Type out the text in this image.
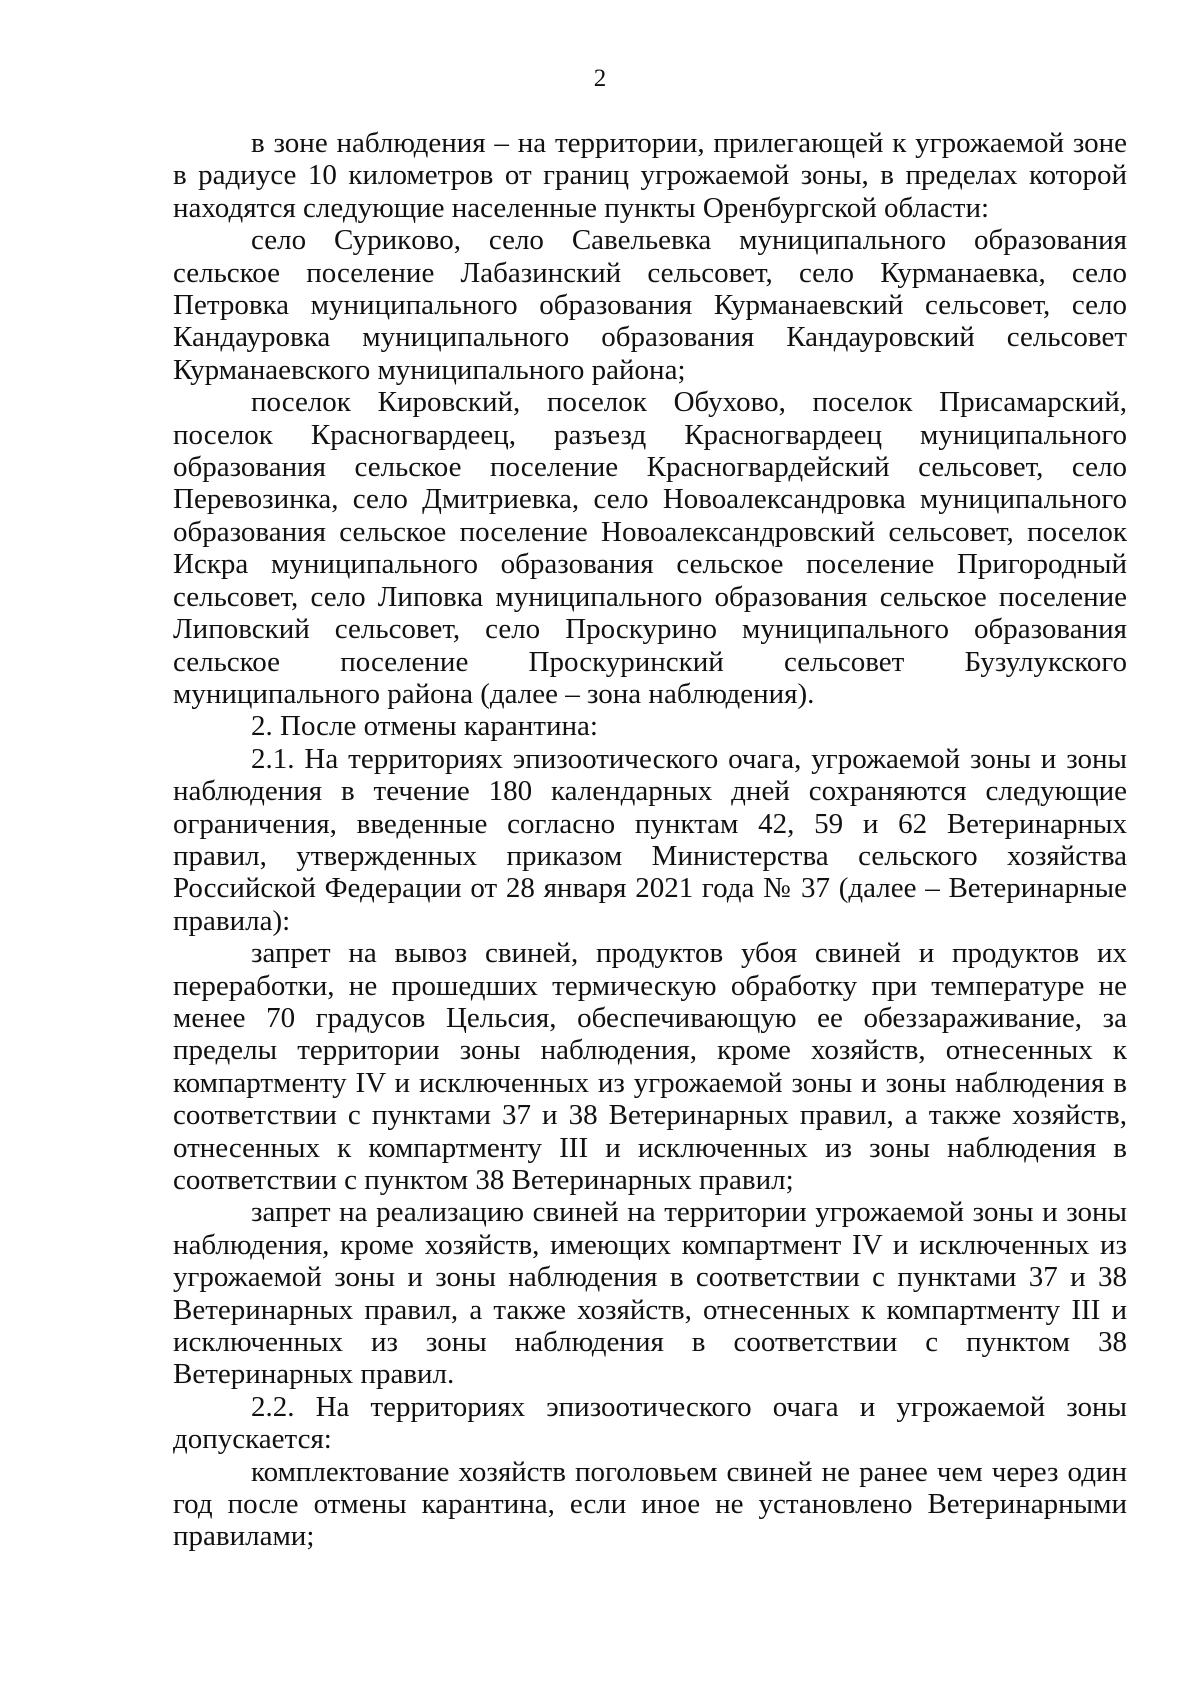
2

в зоне наблюдения – на территории, прилегающей к угрожаемой зоне в радиусе 10 километров от границ угрожаемой зоны, в пределах которой находятся следующие населенные пункты Оренбургской области:

село Сурикoво, село Савельевка муниципального образования сельское поселение Лабазинский сельсовет, село Курманаевка, село Петровка муниципального образования Курманаевский сельсовет, село Кандауровка муниципального образования Кандауровский сельсовет Курманаевского муниципального района;

поселок Кировский, поселок Обухово, поселок Присамарский, поселок Красногвардеец, разъезд Красногвардеец муниципального образования сельское поселение Красногвардейский сельсовет, село Перевозинка, село Дмитриевка, село Новоалександровка муниципального образования сельское поселение Новоалександровский сельсовет, поселок Искра муниципального образования сельское поселение Пригородный сельсовет, село Липовка муниципального образования сельское поселение Липовский сельсовет, село Проскурино муниципального образования сельское поселение Проскуринский сельсовет Бузулукского муниципального района (далее – зона наблюдения).

2. После отмены карантина:

2.1. На территориях эпизоотического очага, угрожаемой зоны и зоны наблюдения в течение 180 календарных дней сохраняются следующие ограничения, введенные согласно пунктам 42, 59 и 62 Ветеринарных правил, утвержденных приказом Министерства сельского хозяйства Российской Федерации от 28 января 2021 года № 37 (далее – Ветеринарные правила):

запрет на вывоз свиней, продуктов убоя свиней и продуктов их переработки, не прошедших термическую обработку при температуре не менее 70 градусов Цельсия, обеспечивающую ее обеззараживание, за пределы территории зоны наблюдения, кроме хозяйств, отнесенных к компартменту IV и исключенных из угрожаемой зоны и зоны наблюдения в соответствии с пунктами 37 и 38 Ветеринарных правил, а также хозяйств, отнесенных к компартменту III и исключенных из зоны наблюдения в соответствии с пунктом 38 Ветеринарных правил;

запрет на реализацию свиней на территории угрожаемой зоны и зоны наблюдения, кроме хозяйств, имеющих компартмент IV и исключенных из угрожаемой зоны и зоны наблюдения в соответствии с пунктами 37 и 38 Ветеринарных правил, а также хозяйств, отнесенных к компартменту III и исключенных из зоны наблюдения в соответствии с пунктом 38 Ветеринарных правил.

2.2. На территориях эпизоотического очага и угрожаемой зоны допускается:

комплектование хозяйств поголовьем свиней не ранее чем через один год после отмены карантина, если иное не установлено Ветеринарными правилами;
